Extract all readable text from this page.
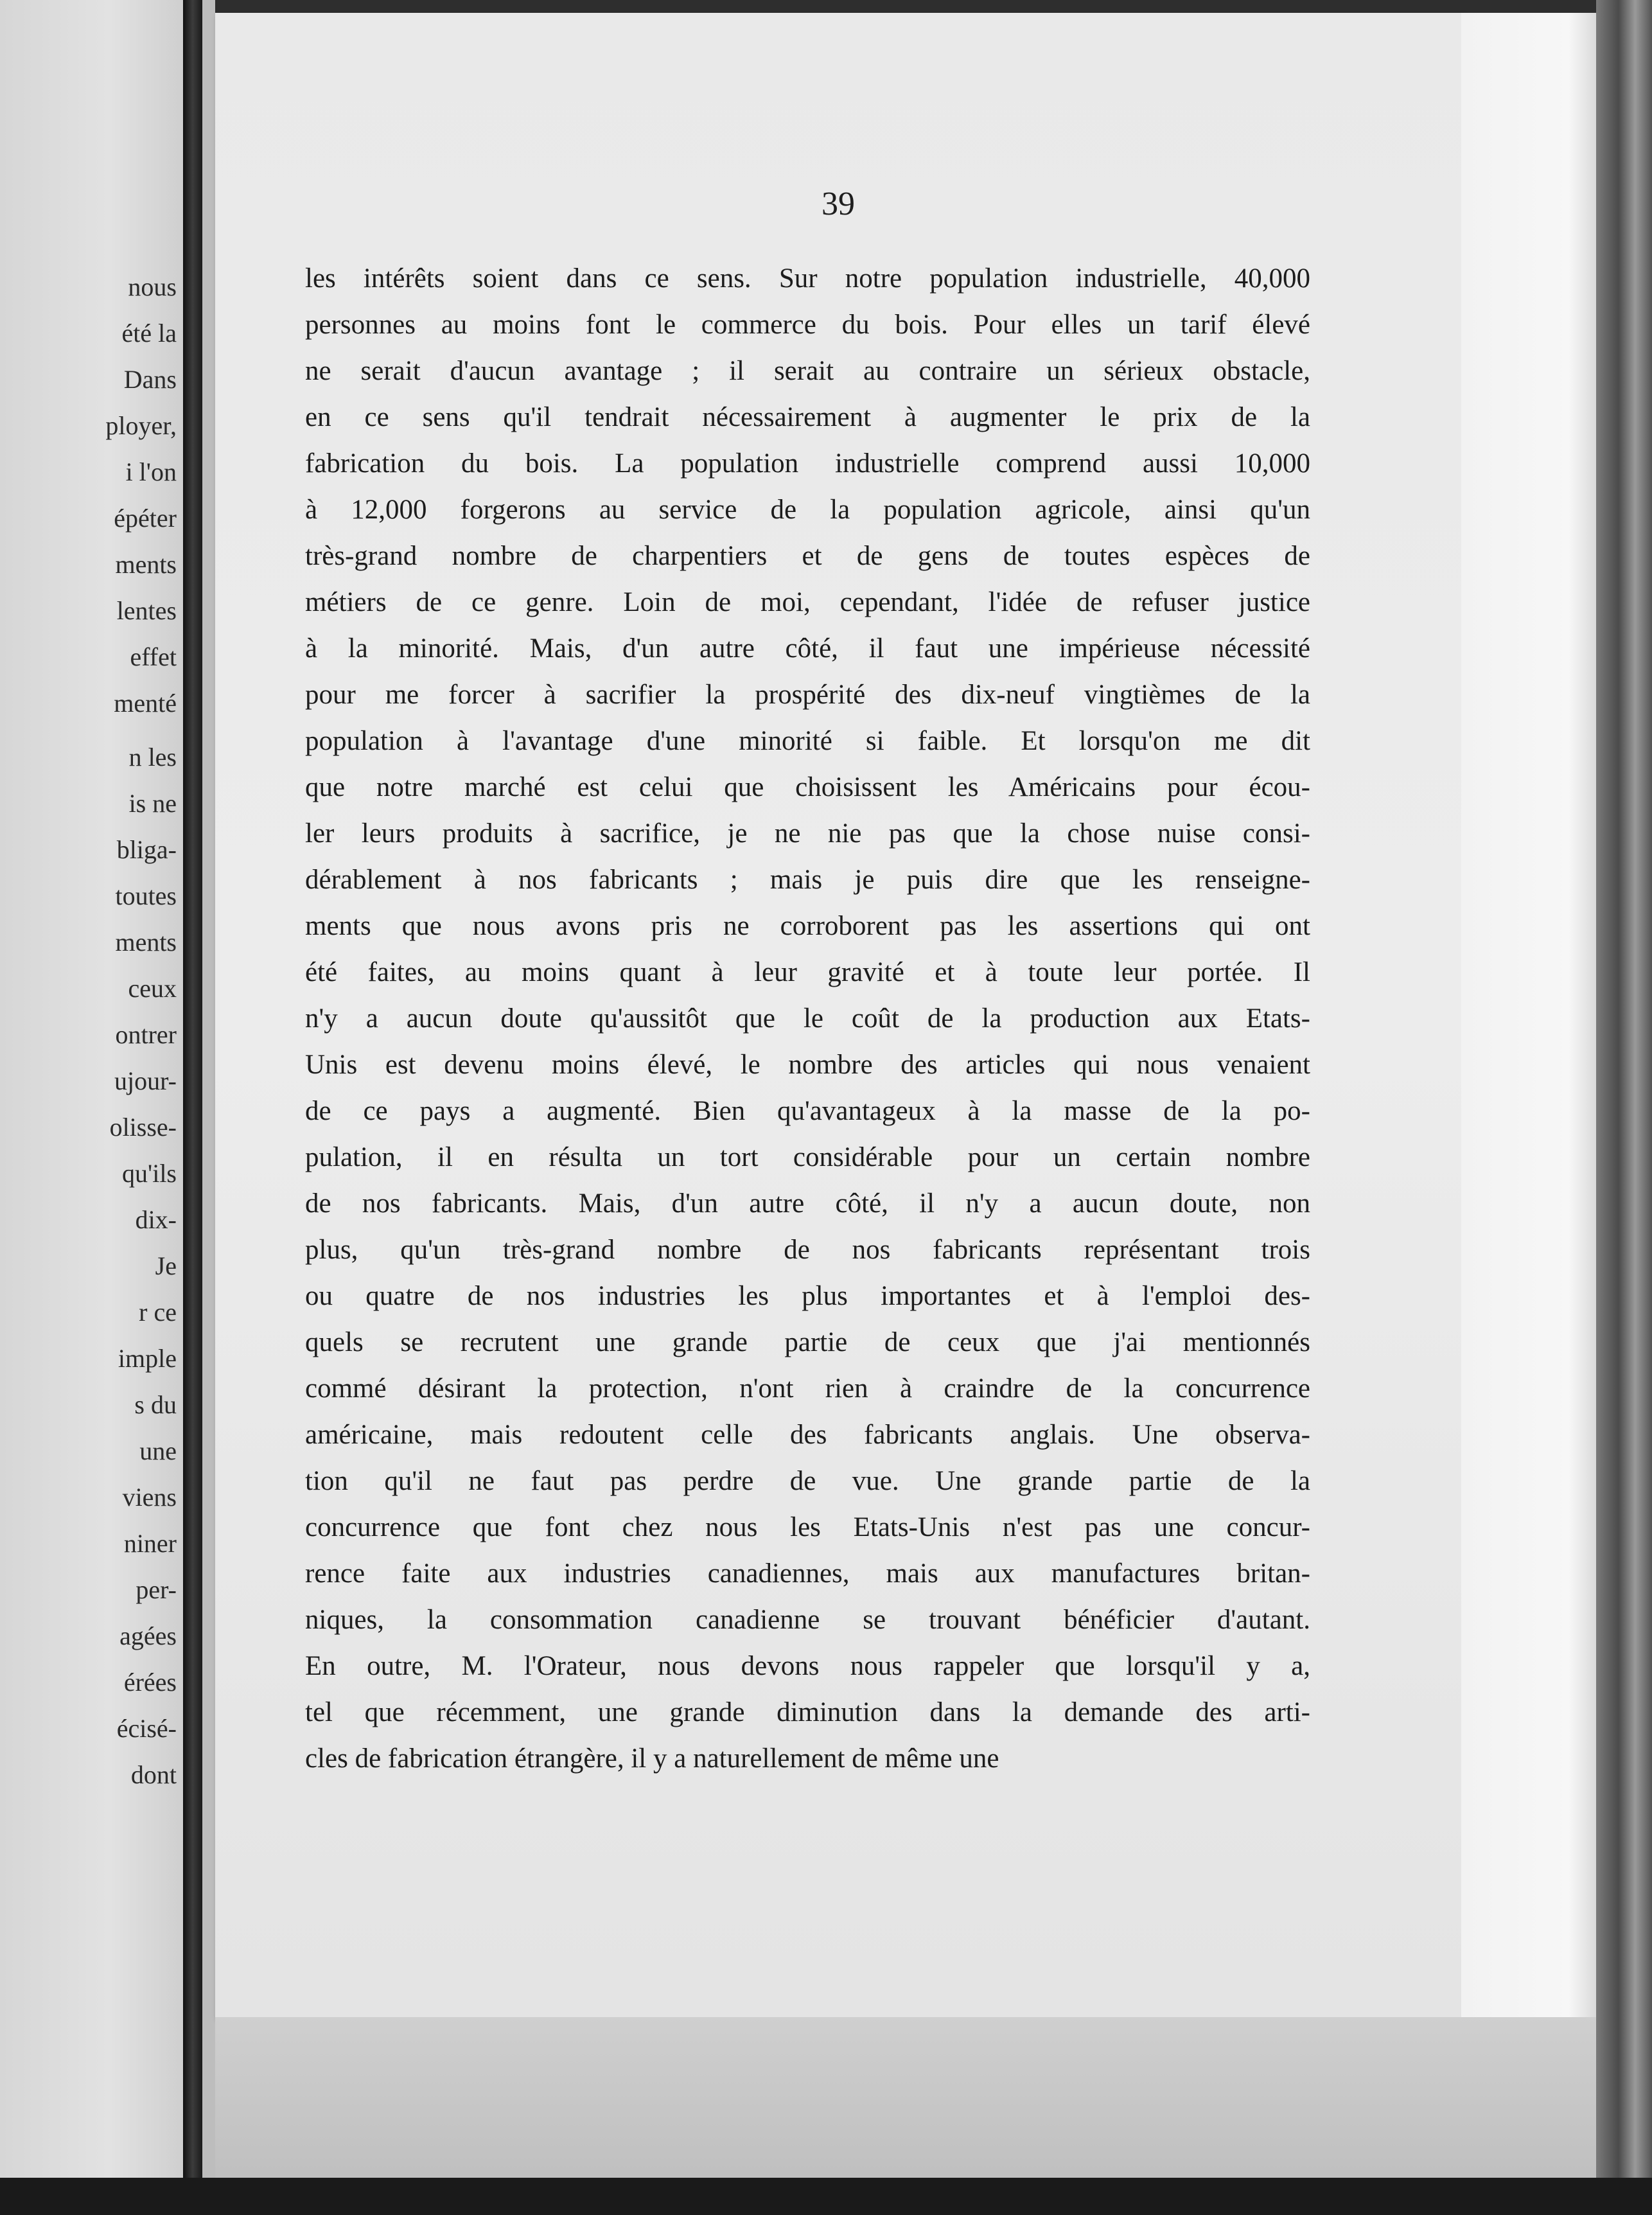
nous
été la
Dans
ployer,
i l'on
épéter
ments
lentes
effet
menté
n les
is ne
bliga-
toutes
ments
ceux
ontrer
ujour-
olisse-
qu'ils
dix-
Je
r ce
imple
s du
une
viens
niner
per-
agées
érées
écisé-
dont
39
les intérêts soient dans ce sens. Sur notre population industrielle, 40,000
personnes au moins font le commerce du bois. Pour elles un tarif élevé
ne serait d'aucun avantage ; il serait au contraire un sérieux obstacle,
en ce sens qu'il tendrait nécessairement à augmenter le prix de la
fabrication du bois. La population industrielle comprend aussi 10,000
à 12,000 forgerons au service de la population agricole, ainsi qu'un
très-grand nombre de charpentiers et de gens de toutes espèces de
métiers de ce genre. Loin de moi, cependant, l'idée de refuser justice
à la minorité. Mais, d'un autre côté, il faut une impérieuse nécessité
pour me forcer à sacrifier la prospérité des dix-neuf vingtièmes de la
population à l'avantage d'une minorité si faible. Et lorsqu'on me dit
que notre marché est celui que choisissent les Américains pour écou-
ler leurs produits à sacrifice, je ne nie pas que la chose nuise consi-
dérablement à nos fabricants ; mais je puis dire que les renseigne-
ments que nous avons pris ne corroborent pas les assertions qui ont
été faites, au moins quant à leur gravité et à toute leur portée. Il
n'y a aucun doute qu'aussitôt que le coût de la production aux Etats-
Unis est devenu moins élevé, le nombre des articles qui nous venaient
de ce pays a augmenté. Bien qu'avantageux à la masse de la po-
pulation, il en résulta un tort considérable pour un certain nombre
de nos fabricants. Mais, d'un autre côté, il n'y a aucun doute, non
plus, qu'un très-grand nombre de nos fabricants représentant trois
ou quatre de nos industries les plus importantes et à l'emploi des-
quels se recrutent une grande partie de ceux que j'ai mentionnés
commé désirant la protection, n'ont rien à craindre de la concurrence
américaine, mais redoutent celle des fabricants anglais. Une observa-
tion qu'il ne faut pas perdre de vue. Une grande partie de la
concurrence que font chez nous les Etats-Unis n'est pas une concur-
rence faite aux industries canadiennes, mais aux manufactures britan-
niques, la consommation canadienne se trouvant bénéficier d'autant.
En outre, M. l'Orateur, nous devons nous rappeler que lorsqu'il y a,
tel que récemment, une grande diminution dans la demande des arti-
cles de fabrication étrangère, il y a naturellement de même une
